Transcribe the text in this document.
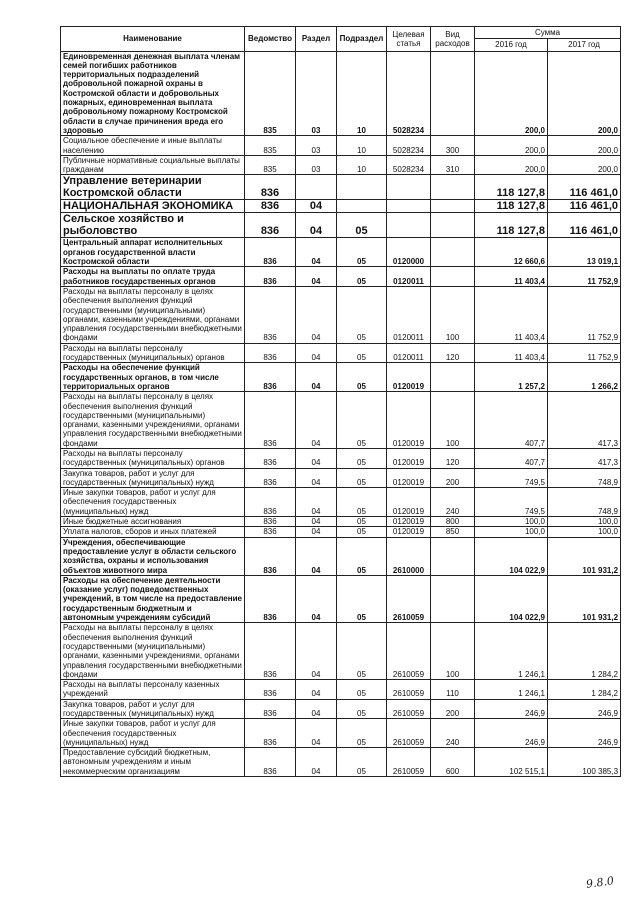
Наименование	Ведомство	Раздел	Подраздел	Целевая статья	Вид расходов	Сумма	
						2016 год	2017 год
Единовременная денежная выплата членам семей погибших работников территориальных подразделений добровольной пожарной охраны в Костромской области и добровольных пожарных, единовременная выплата добровольному пожарному Костромской области в случае причинения вреда его здоровью	835	03	10	5028234		200,0	200,0
Социальное обеспечение и иные выплаты населению	835	03	10	5028234	300	200,0	200,0
Публичные нормативные социальные выплаты гражданам	835	03	10	5028234	310	200,0	200,0
Управление ветеринарии Костромской области	836					118 127,8	116 461,0
НАЦИОНАЛЬНАЯ ЭКОНОМИКА	836	04				118 127,8	116 461,0
Сельское хозяйство и рыболовство	836	04	05			118 127,8	116 461,0
Центральный аппарат исполнительных органов государственной власти Костромской области	836	04	05	0120000		12 660,6	13 019,1
Расходы на выплаты по оплате труда работников государственных органов	836	04	05	0120011		11 403,4	11 752,9
Расходы на выплаты персоналу в целях обеспечения выполнения функций государственными (муниципальными) органами, казенными учреждениями, органами управления государственными внебюджетными фондами	836	04	05	0120011	100	11 403,4	11 752,9
Расходы на выплаты персоналу государственных (муниципальных) органов	836	04	05	0120011	120	11 403,4	11 752,9
Расходы на обеспечение функций государственных органов, в том числе территориальных органов	836	04	05	0120019		1 257,2	1 266,2
Расходы на выплаты персоналу в целях обеспечения выполнения функций государственными (муниципальными) органами, казенными учреждениями, органами управления государственными внебюджетными фондами	836	04	05	0120019	100	407,7	417,3
Расходы на выплаты персоналу государственных (муниципальных) органов	836	04	05	0120019	120	407,7	417,3
Закупка товаров, работ и услуг для государственных (муниципальных) нужд	836	04	05	0120019	200	749,5	748,9
Иные закупки товаров, работ и услуг для обеспечения государственных (муниципальных) нужд	836	04	05	0120019	240	749,5	748,9
Иные бюджетные ассигнования	836	04	05	0120019	800	100,0	100,0
Уплата налогов, сборов и иных платежей	836	04	05	0120019	850	100,0	100,0
Учреждения, обеспечивающие предоставление услуг в области сельского хозяйства, охраны и использования объектов животного мира	836	04	05	2610000		104 022,9	101 931,2
Расходы на обеспечение деятельности (оказание услуг) подведомственных учреждений, в том числе на предоставление государственным бюджетным и автономным учреждениям субсидий	836	04	05	2610059		104 022,9	101 931,2
Расходы на выплаты персоналу в целях обеспечения выполнения функций государственными (муниципальными) органами, казенными учреждениями, органами управления государственными внебюджетными фондами	836	04	05	2610059	100	1 246,1	1 284,2
Расходы на выплаты персоналу казенных учреждений	836	04	05	2610059	110	1 246,1	1 284,2
Закупка товаров, работ и услуг для государственных (муниципальных) нужд	836	04	05	2610059	200	246,9	246,9
Иные закупки товаров, работ и услуг для обеспечения государственных (муниципальных) нужд	836	04	05	2610059	240	246,9	246,9
Предоставление субсидий бюджетным, автономным учреждениям и иным некоммерческим организациям	836	04	05	2610059	600	102 515,1	100 385,3
9.8.0
